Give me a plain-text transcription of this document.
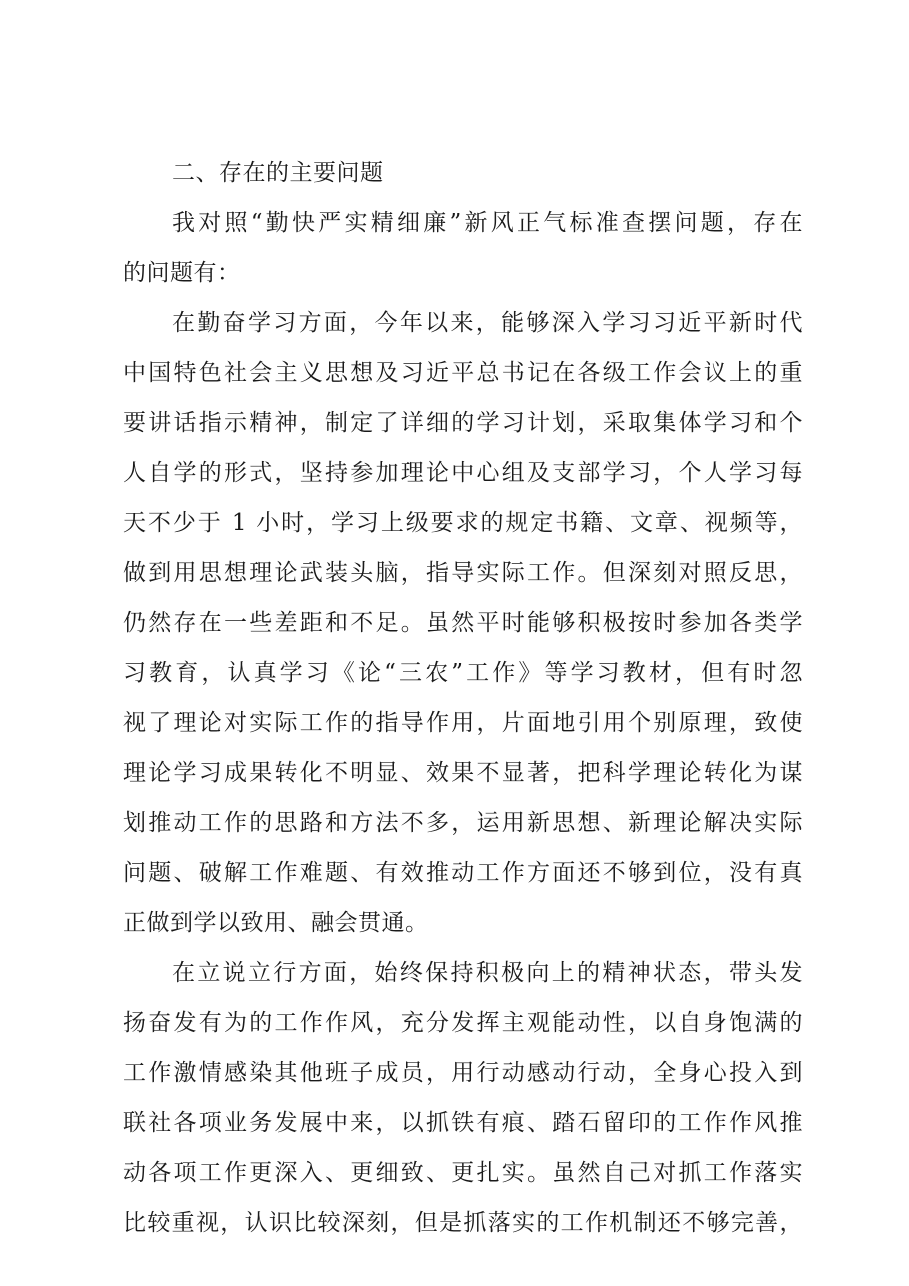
二、存在的主要问题
我对照“勤快严实精细廉”新风正气标准查摆问题，存在
的问题有：
在勤奋学习方面，今年以来，能够深入学习习近平新时代
中国特色社会主义思想及习近平总书记在各级工作会议上的重
要讲话指示精神，制定了详细的学习计划，采取集体学习和个
人自学的形式，坚持参加理论中心组及支部学习，个人学习每
天不少于 1 小时，学习上级要求的规定书籍、文章、视频等，
做到用思想理论武装头脑，指导实际工作。但深刻对照反思，
仍然存在一些差距和不足。虽然平时能够积极按时参加各类学
习教育，认真学习《论“三农”工作》等学习教材，但有时忽
视了理论对实际工作的指导作用，片面地引用个别原理，致使
理论学习成果转化不明显、效果不显著，把科学理论转化为谋
划推动工作的思路和方法不多，运用新思想、新理论解决实际
问题、破解工作难题、有效推动工作方面还不够到位，没有真
正做到学以致用、融会贯通。
在立说立行方面，始终保持积极向上的精神状态，带头发
扬奋发有为的工作作风，充分发挥主观能动性，以自身饱满的
工作激情感染其他班子成员，用行动感动行动，全身心投入到
联社各项业务发展中来，以抓铁有痕、踏石留印的工作作风推
动各项工作更深入、更细致、更扎实。虽然自己对抓工作落实
比较重视，认识比较深刻，但是抓落实的工作机制还不够完善，
